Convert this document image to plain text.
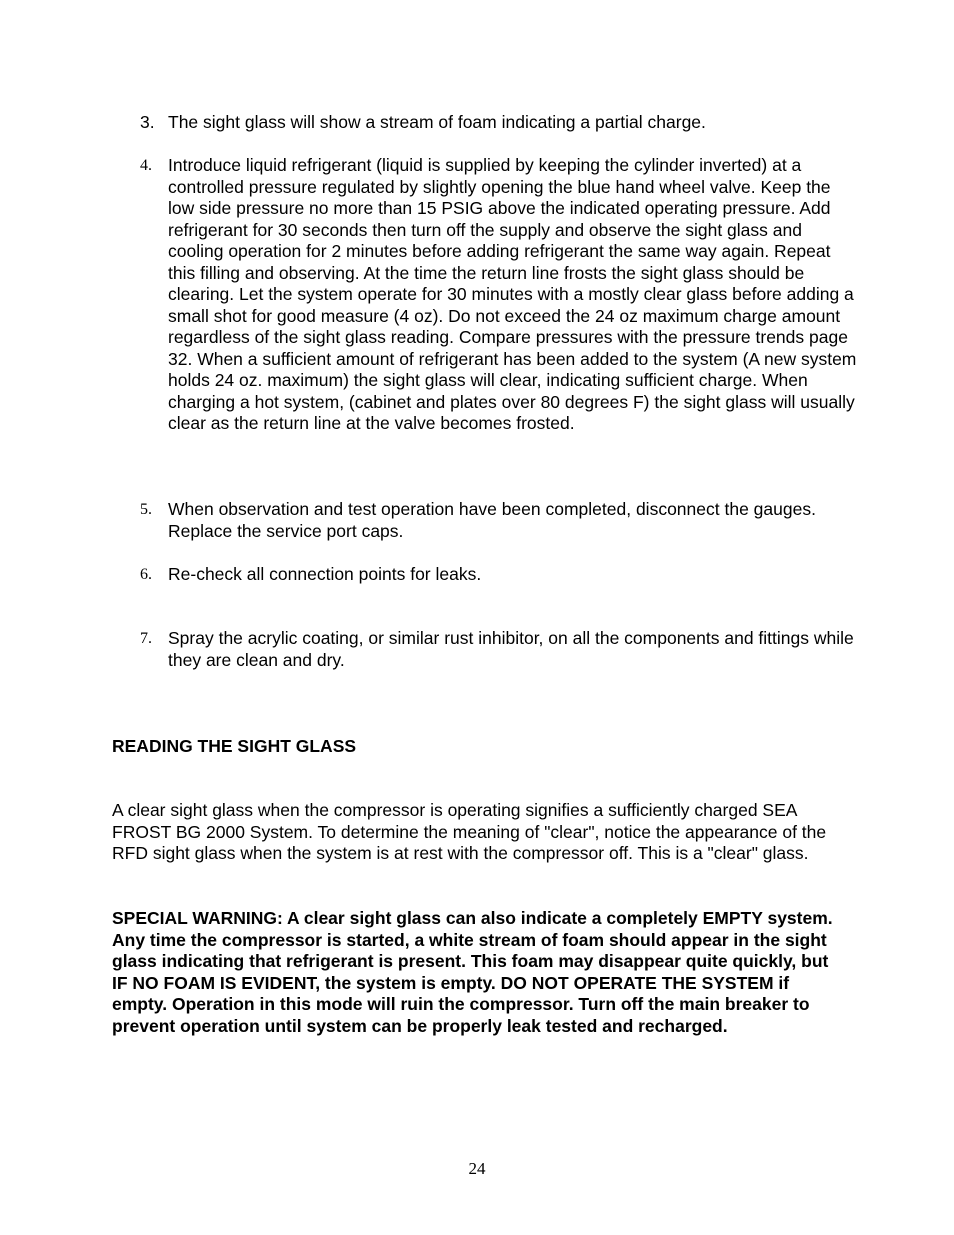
3. The sight glass will show a stream of foam indicating a partial charge.

4. Introduce liquid refrigerant (liquid is supplied by keeping the cylinder inverted) at a controlled pressure regulated by slightly opening the blue hand wheel valve. Keep the low side pressure no more than 15 PSIG above the indicated operating pressure. Add refrigerant for 30 seconds then turn off the supply and observe the sight glass and cooling operation for 2 minutes before adding refrigerant the same way again. Repeat this filling and observing. At the time the return line frosts the sight glass should be clearing. Let the system operate for 30 minutes with a mostly clear glass before adding a small shot for good measure (4 oz). Do not exceed the 24 oz maximum charge amount regardless of the sight glass reading. Compare pressures with the pressure trends page 32. When a sufficient amount of refrigerant has been added to the system (A new system holds 24 oz. maximum) the sight glass will clear, indicating sufficient charge. When charging a hot system, (cabinet and plates over 80 degrees F) the sight glass will usually clear as the return line at the valve becomes frosted.

5. When observation and test operation have been completed, disconnect the gauges. Replace the service port caps.

6. Re-check all connection points for leaks.

7. Spray the acrylic coating, or similar rust inhibitor, on all the components and fittings while they are clean and dry.

READING THE SIGHT GLASS

A clear sight glass when the compressor is operating signifies a sufficiently charged SEA FROST BG 2000 System. To determine the meaning of "clear", notice the appearance of the RFD sight glass when the system is at rest with the compressor off. This is a "clear" glass.

SPECIAL WARNING: A clear sight glass can also indicate a completely EMPTY system. Any time the compressor is started, a white stream of foam should appear in the sight glass indicating that refrigerant is present. This foam may disappear quite quickly, but IF NO FOAM IS EVIDENT, the system is empty. DO NOT OPERATE THE SYSTEM if empty. Operation in this mode will ruin the compressor. Turn off the main breaker to prevent operation until system can be properly leak tested and recharged.

24
